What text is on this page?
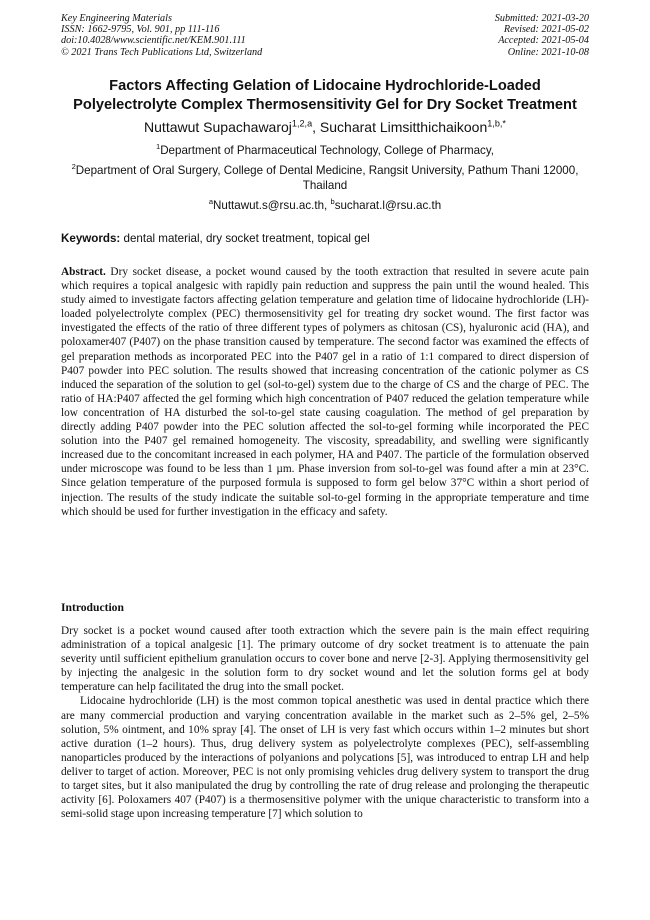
Key Engineering Materials
ISSN: 1662-9795, Vol. 901, pp 111-116
doi:10.4028/www.scientific.net/KEM.901.111
© 2021 Trans Tech Publications Ltd, Switzerland
Submitted: 2021-03-20
Revised: 2021-05-02
Accepted: 2021-05-04
Online: 2021-10-08
Factors Affecting Gelation of Lidocaine Hydrochloride-Loaded
Polyelectrolyte Complex Thermosensitivity Gel for Dry Socket Treatment
Nuttawut Supachawaroj$^{1,2,a}$, Sucharat Limsitthichaikoon$^{1,b,*}$
$^1$Department of Pharmaceutical Technology, College of Pharmacy,
$^2$Department of Oral Surgery, College of Dental Medicine, Rangsit University, Pathum Thani 12000, Thailand
$^a$Nuttawut.s@rsu.ac.th, $^b$sucharat.l@rsu.ac.th
Keywords: dental material, dry socket treatment, topical gel

Abstract. Dry socket disease, a pocket wound caused by the tooth extraction that resulted in severe acute pain which requires a topical analgesic with rapidly pain reduction and suppress the pain until the wound healed. This study aimed to investigate factors affecting gelation temperature and gelation time of lidocaine hydrochloride (LH)-loaded polyelectrolyte complex (PEC) thermosensitivity gel for treating dry socket wound. The first factor was investigated the effects of the ratio of three different types of polymers as chitosan (CS), hyaluronic acid (HA), and poloxamer407 (P407) on the phase transition caused by temperature. The second factor was examined the effects of gel preparation methods as incorporated PEC into the P407 gel in a ratio of 1:1 compared to direct dispersion of P407 powder into PEC solution. The results showed that increasing concentration of the cationic polymer as CS induced the separation of the solution to gel (sol-to-gel) system due to the charge of CS and the charge of PEC. The ratio of HA:P407 affected the gel forming which high concentration of P407 reduced the gelation temperature while low concentration of HA disturbed the sol-to-gel state causing coagulation. The method of gel preparation by directly adding P407 powder into the PEC solution affected the sol-to-gel forming while incorporated the PEC solution into the P407 gel remained homogeneity. The viscosity, spreadability, and swelling were significantly increased due to the concomitant increased in each polymer, HA and P407. The particle of the formulation observed under microscope was found to be less than 1 µm. Phase inversion from sol-to-gel was found after a min at 23°C. Since gelation temperature of the purposed formula is supposed to form gel below 37°C within a short period of injection. The results of the study indicate the suitable sol-to-gel forming in the appropriate temperature and time which should be used for further investigation in the efficacy and safety.

Introduction

Dry socket is a pocket wound caused after tooth extraction which the severe pain is the main effect requiring administration of a topical analgesic [1]. The primary outcome of dry socket treatment is to attenuate the pain severity until sufficient epithelium granulation occurs to cover bone and nerve [2-3]. Applying thermosensitivity gel by injecting the analgesic in the solution form to dry socket wound and let the solution forms gel at body temperature can help facilitated the drug into the small pocket.

Lidocaine hydrochloride (LH) is the most common topical anesthetic was used in dental practice which there are many commercial production and varying concentration available in the market such as 2–5% gel, 2–5% solution, 5% ointment, and 10% spray [4]. The onset of LH is very fast which occurs within 1–2 minutes but short active duration (1–2 hours). Thus, drug delivery system as polyelectrolyte complexes (PEC), self-assembling nanoparticles produced by the interactions of polyanions and polycations [5], was introduced to entrap LH and help deliver to target of action. Moreover, PEC is not only promising vehicles drug delivery system to transport the drug to target sites, but it also manipulated the drug by controlling the rate of drug release and prolonging the therapeutic activity [6]. Poloxamers 407 (P407) is a thermosensitive polymer with the unique characteristic to transform into a semi-solid stage upon increasing temperature [7] which solution to
